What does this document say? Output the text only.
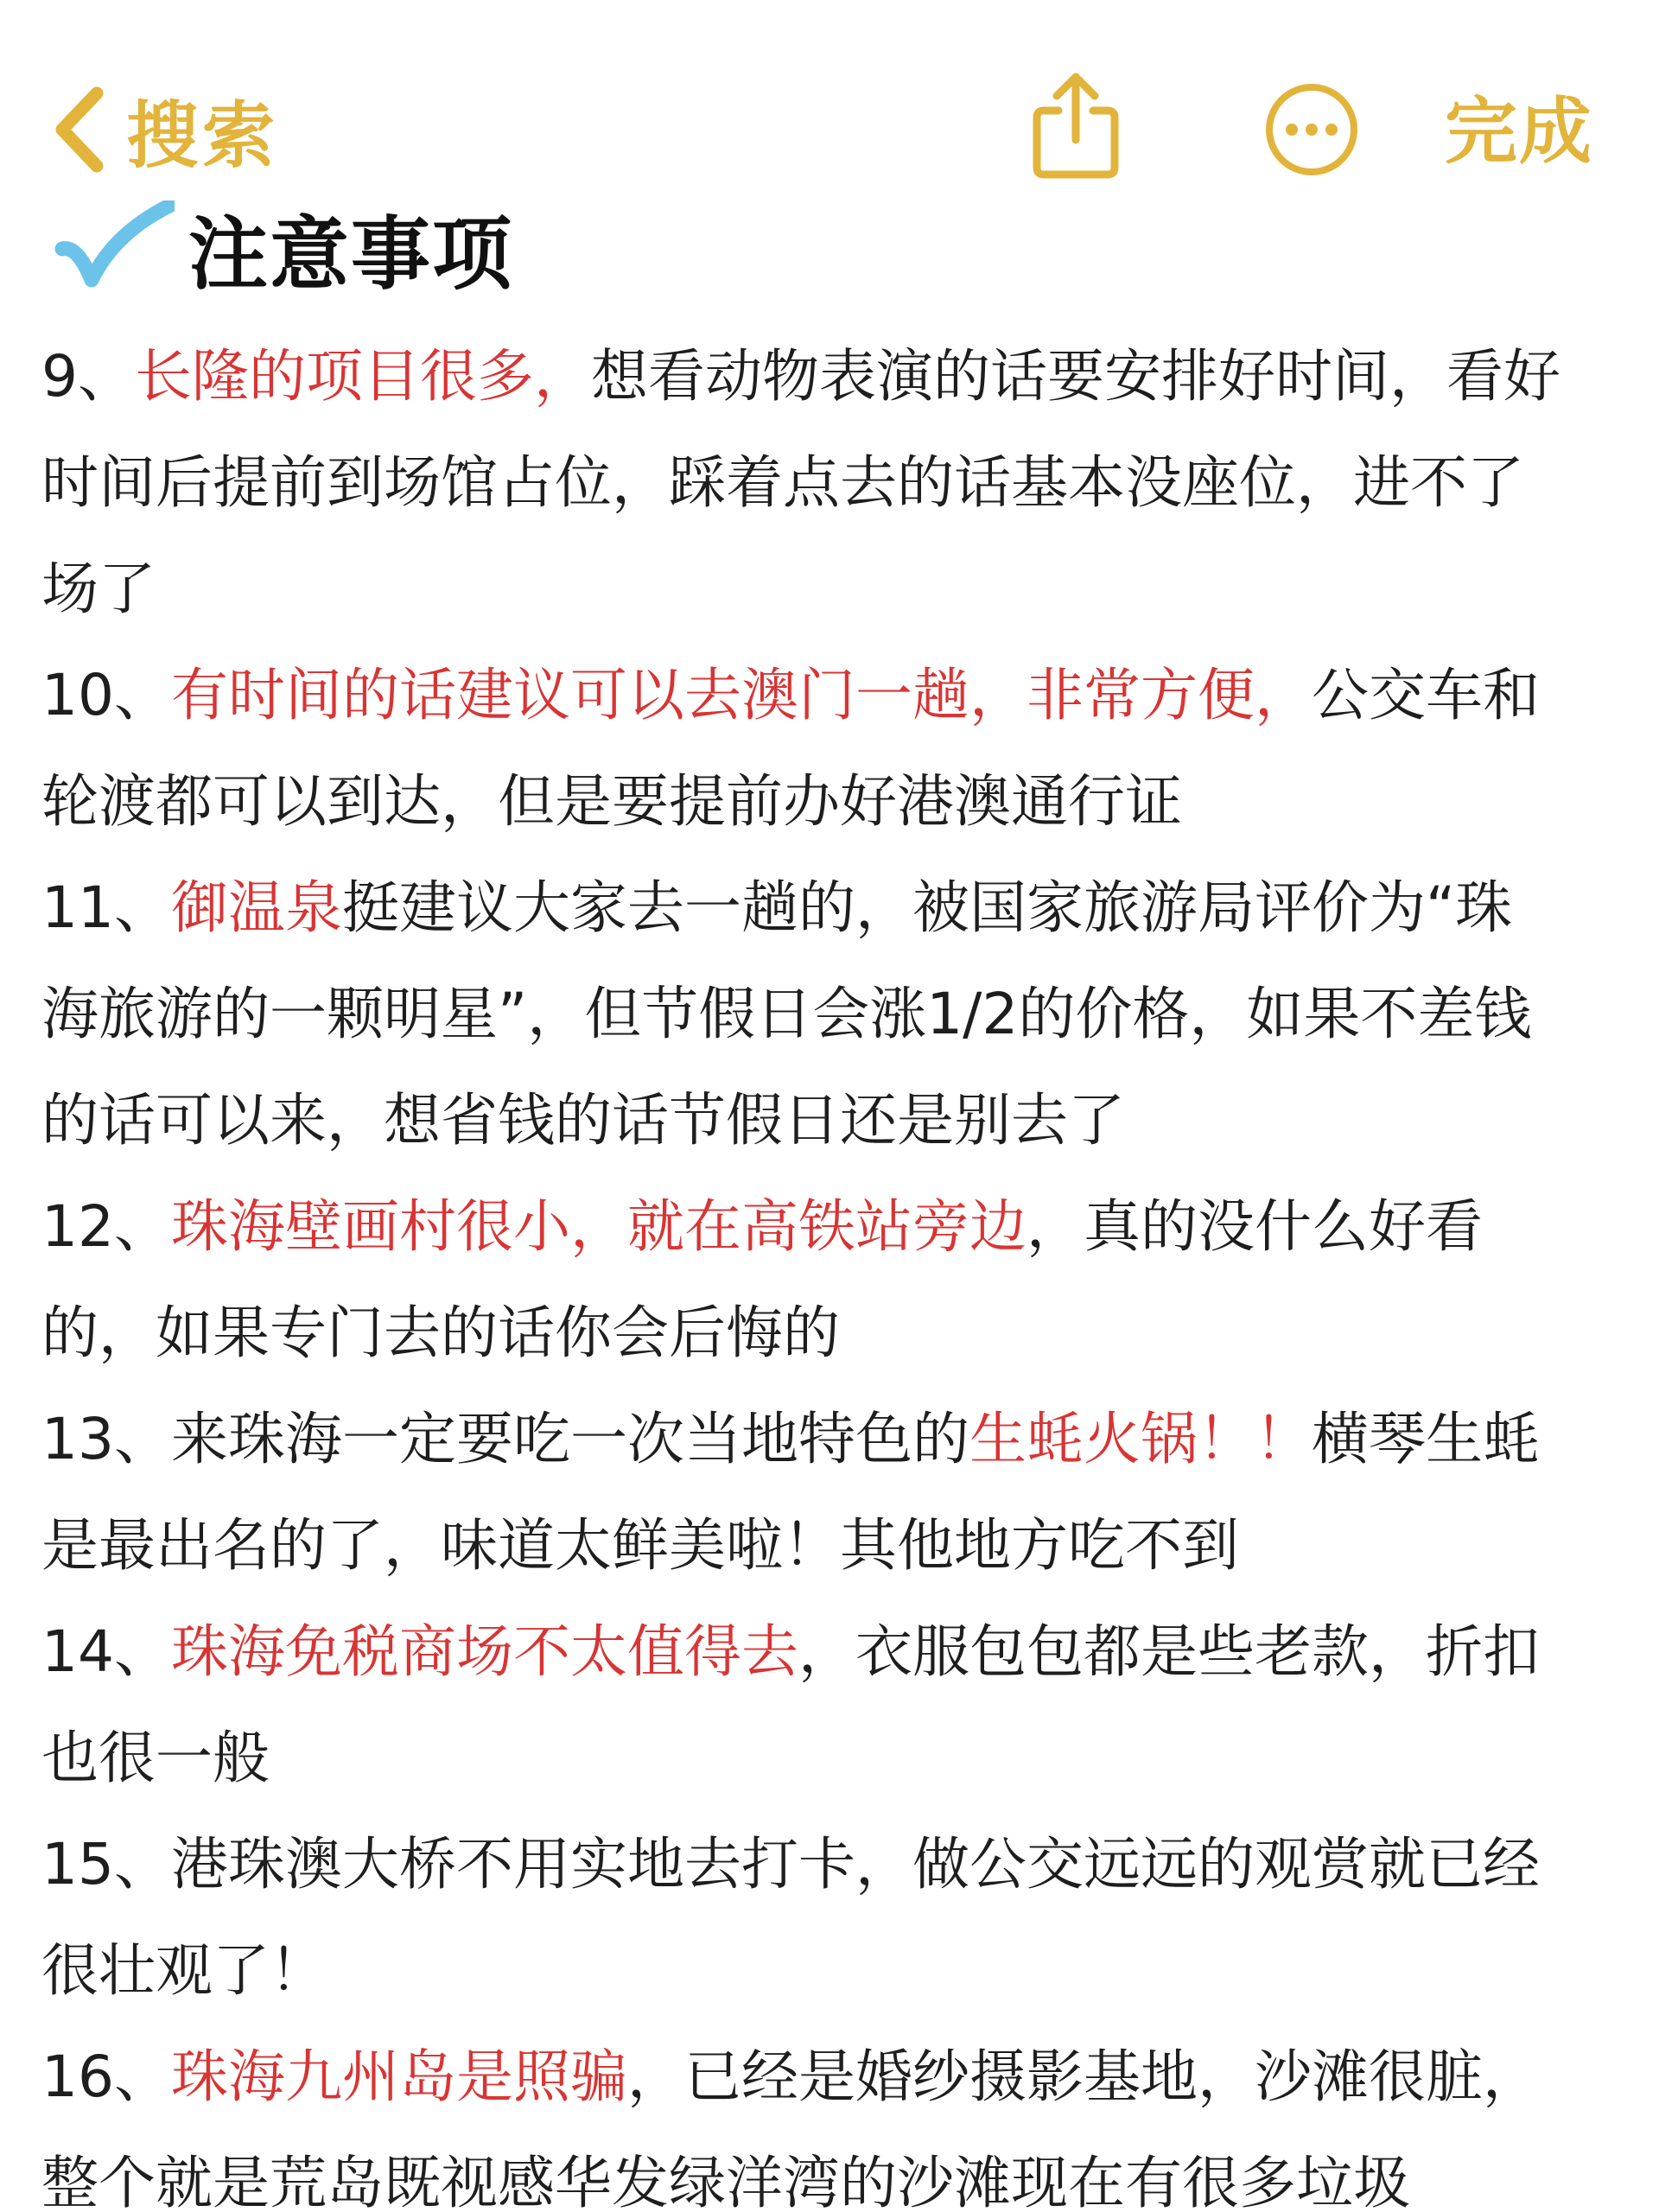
搜索	完成
注意事项

9、长隆的项目很多，想看动物表演的话要安排好时间，看好

时间后提前到场馆占位，踩着点去的话基本没座位，进不了

场了

10、有时间的话建议可以去澳门一趟，非常方便，公交车和

轮渡都可以到达，但是要提前办好港澳通行证

11、御温泉挺建议大家去一趟的，被国家旅游局评价为“珠

海旅游的一颗明星”，但节假日会涨1/2的价格，如果不差钱

的话可以来，想省钱的话节假日还是别去了

12、珠海壁画村很小，就在高铁站旁边，真的没什么好看

的，如果专门去的话你会后悔的

13、来珠海一定要吃一次当地特色的生蚝火锅！！横琴生蚝

是最出名的了，味道太鲜美啦！其他地方吃不到

14、珠海免税商场不太值得去，衣服包包都是些老款，折扣

也很一般

15、港珠澳大桥不用实地去打卡，做公交远远的观赏就已经

很壮观了！

16、珠海九州岛是照骗，已经是婚纱摄影基地，沙滩很脏，

整个就是荒岛既视感华发绿洋湾的沙滩现在有很多垃圾
